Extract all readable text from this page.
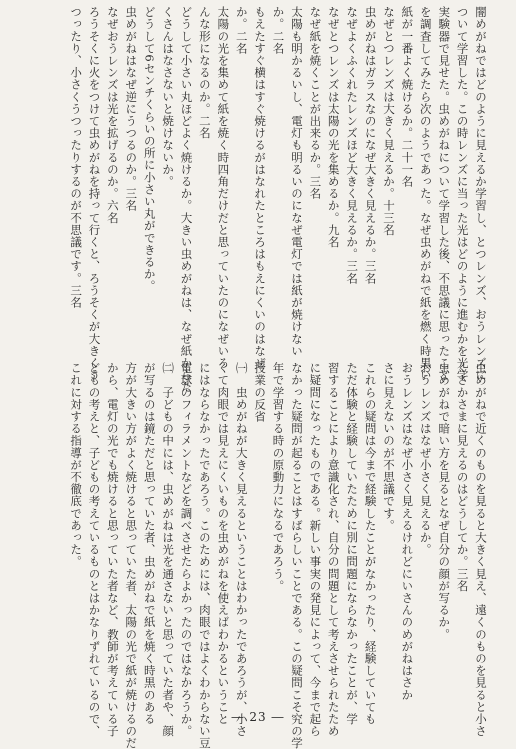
闇めがねではどのように見えるか学習し、とつレンズ、おうレンズに

ついて学習した。この時レンズに当った光はどのように進むかを光学

実験器で見せた。虫めがねについて学習した後、不思議に思ったこと

を調査してみたら次のようであった。なぜ虫めがねで紙を燃く時黒い

紙が一番よく焼けるか。二十一名

なぜとつレンズは大きく見えるか。十三名

虫めがねはガラスなのになぜ大きく見えるか。三名

なぜよくふくれたレンズほど大きく見えるか。三名

なぜとつレンズは太陽の光を集めるか。九名

なぜ紙を焼くことが出来るか。三名

太陽も明かるいし、電灯も明るいのになぜ電灯では紙が焼けない

か。二名

もえたすぐ横はすぐ焼けるがはなれたところはもえにくいのはなぜ

か。二名

太陽の光を集めて紙を焼く時四角だけだと思っていたのになぜいろ

んな形になるのか。二名

どうして小さい丸ほどよく焼けるか。大きい虫めがねは、なぜ紙からた

くさんはなさないと焼けないか。

どうして6センチくらいの所に小さい丸ができるか。

虫めがねはなぜ逆にうつるのか。三名

なぜおうレンズは光を拡げるのか。六名

ろうそくに火をつけて虫めがねを持って行くと、ろうそくが大きくう

つったり、小さくうつったりするのが不思議です。三名

虫めがねで近くのものを見ると大きく見え、遠くのものを見ると小さ

くさかさまに見えるのはどうしてか。三名

虫めがねで暗い方を見るとなぜ自分の顔が写るか。

おうレンズはなぜ小さく見えるか。

おうレンズはなぜ小さく見えるけれどにいさんのめがねはさか

さに見えないのが不思議です。

これらの疑問は今まで経験したことがなかったり、経験していても

ただ体験と経験していたために別に問題にならなかったことが、学

習することにより意識化され、自分の問題として考えさせられたため

に疑問になったものである。新しい事実の発見によって、今まで起ら

なかった疑問が起ることはすばらしいことである。この疑問こそ究の学

年で学習する時の原動力になるであろう。

授業の反省

㈠　虫めがねが大きく見えるということはわかったであろうが、小さ

くて肉眼では見えにくいものを虫めがねを使えばわかるということ

にはならなかったであろう。このためには、肉眼ではよくわからない豆

電球のフィラメントなどを調べさせたらよかったのではなかろうか。

㈡　子どもの中には、虫めがねは光を通さないと思っていた者や、顔

が写るのは鏡ただと思っていた者、虫めがねで紙を焼く時黒のある

方が大きい方がよく焼けると思っていた者、太陽の光で紙が焼けるのだ

から、電灯の光でも焼けると思っていた者など、教師が考えている子

どもの考えと、子どもの考えているものとはかなりずれているので、

これに対する指導が不徹底であった。

― 23 ―
